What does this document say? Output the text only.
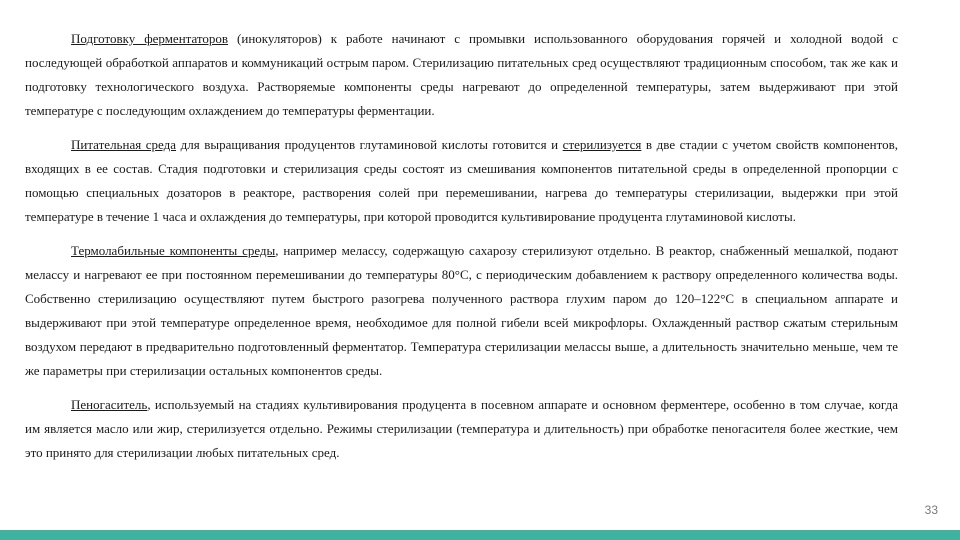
Подготовку ферментаторов (инокуляторов) к работе начинают с промывки использованного оборудования горячей и холодной водой с последующей обработкой аппаратов и коммуникаций острым паром. Стерилизацию питательных сред осуществляют традиционным способом, так же как и подготовку технологического воздуха. Растворяемые компоненты среды нагревают до определенной температуры, затем выдерживают при этой температуре с последующим охлаждением до температуры ферментации.

Питательная среда для выращивания продуцентов глутаминовой кислоты готовится и стерилизуется в две стадии с учетом свойств компонентов, входящих в ее состав. Стадия подготовки и стерилизация среды состоят из смешивания компонентов питательной среды в определенной пропорции с помощью специальных дозаторов в реакторе, растворения солей при перемешивании, нагрева до температуры стерилизации, выдержки при этой температуре в течение 1 часа и охлаждения до температуры, при которой проводится культивирование продуцента глутаминовой кислоты.

Термолабильные компоненты среды, например мелассу, содержащую сахарозу стерилизуют отдельно. В реактор, снабженный мешалкой, подают мелассу и нагревают ее при постоянном перемешивании до температуры 80°С, с периодическим добавлением к раствору определенного количества воды. Собственно стерилизацию осуществляют путем быстрого разогрева полученного раствора глухим паром до 120–122°С в специальном аппарате и выдерживают при этой температуре определенное время, необходимое для полной гибели всей микрофлоры. Охлажденный раствор сжатым стерильным воздухом передают в предварительно подготовленный ферментатор. Температура стерилизации мелассы выше, а длительность значительно меньше, чем те же параметры при стерилизации остальных компонентов среды.

Пеногаситель, используемый на стадиях культивирования продуцента в посевном аппарате и основном ферментере, особенно в том случае, когда им является масло или жир, стерилизуется отдельно. Режимы стерилизации (температура и длительность) при обработке пеногасителя более жесткие, чем это принято для стерилизации любых питательных сред.

33
